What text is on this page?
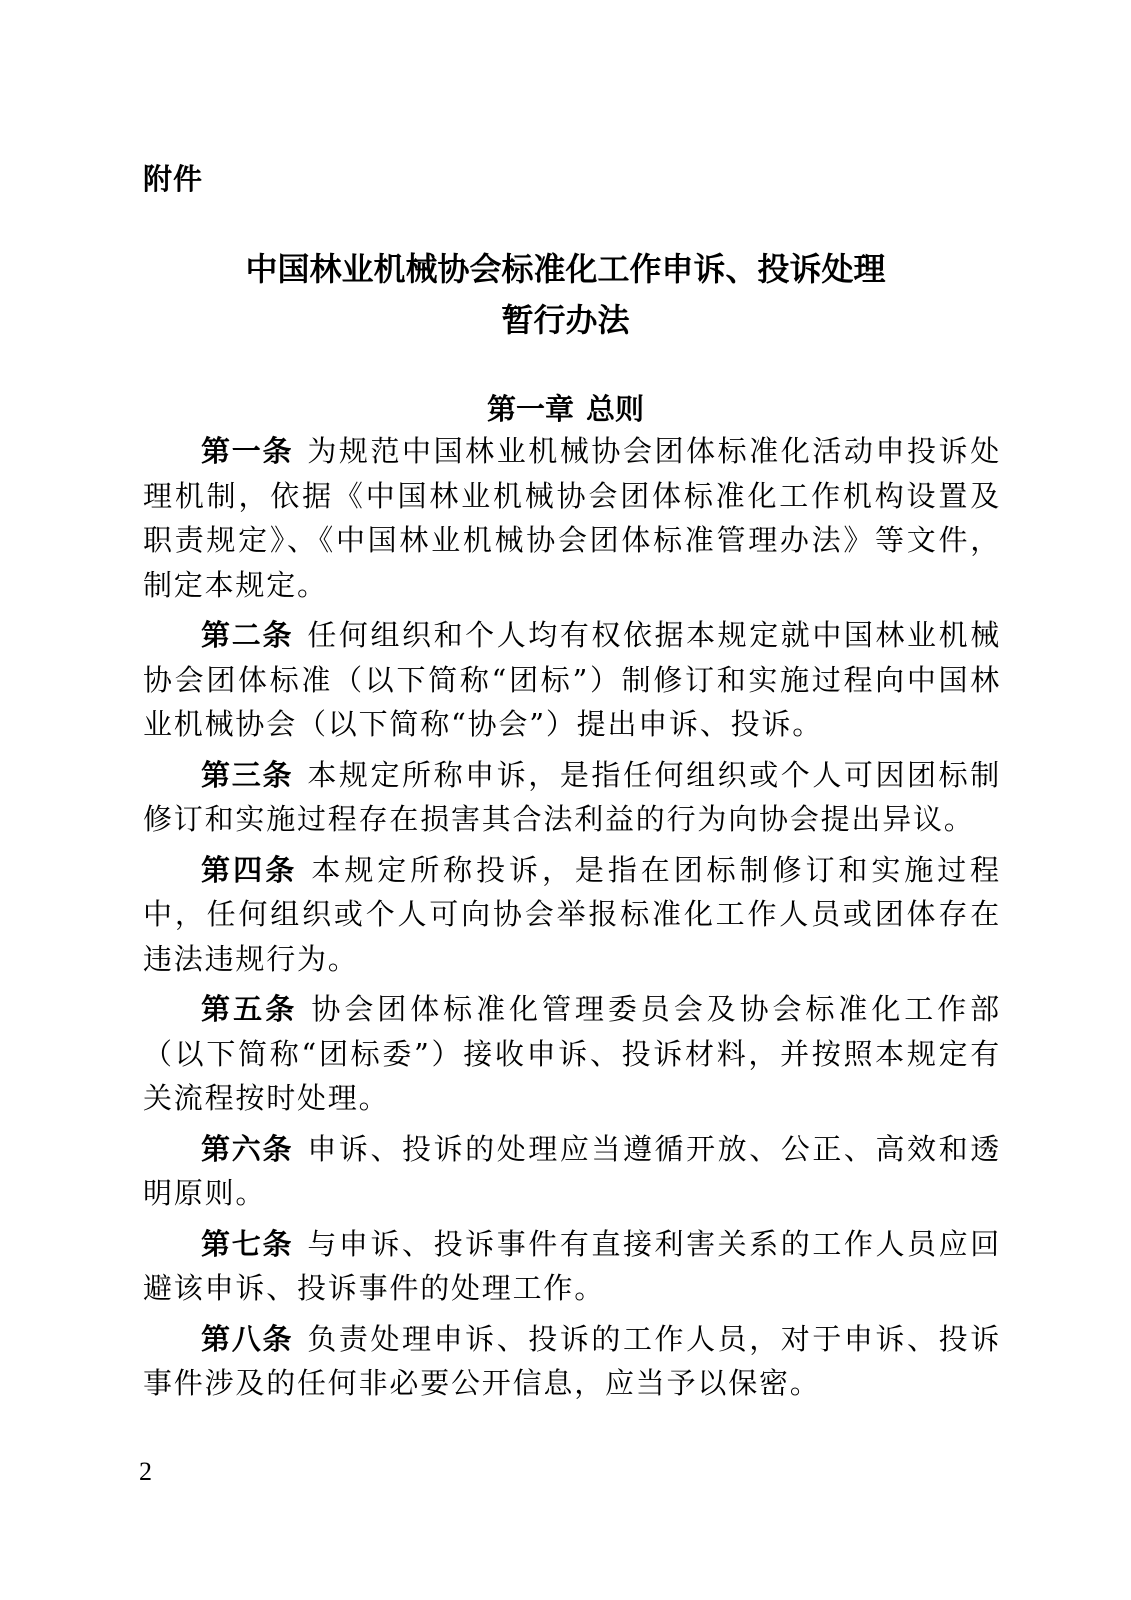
附件
中国林业机械协会标准化工作申诉、投诉处理
暂行办法
第一章 总则

第一条 为规范中国林业机械协会团体标准化活动申投诉处理机制，依据《中国林业机械协会团体标准化工作机构设置及职责规定》、《中国林业机械协会团体标准管理办法》等文件，制定本规定。

第二条 任何组织和个人均有权依据本规定就中国林业机械协会团体标准（以下简称“团标”）制修订和实施过程向中国林业机械协会（以下简称“协会”）提出申诉、投诉。

第三条 本规定所称申诉，是指任何组织或个人可因团标制修订和实施过程存在损害其合法利益的行为向协会提出异议。

第四条 本规定所称投诉，是指在团标制修订和实施过程中，任何组织或个人可向协会举报标准化工作人员或团体存在违法违规行为。

第五条 协会团体标准化管理委员会及协会标准化工作部（以下简称“团标委”）接收申诉、投诉材料，并按照本规定有关流程按时处理。

第六条 申诉、投诉的处理应当遵循开放、公正、高效和透明原则。

第七条 与申诉、投诉事件有直接利害关系的工作人员应回避该申诉、投诉事件的处理工作。

第八条 负责处理申诉、投诉的工作人员，对于申诉、投诉事件涉及的任何非必要公开信息，应当予以保密。

2
